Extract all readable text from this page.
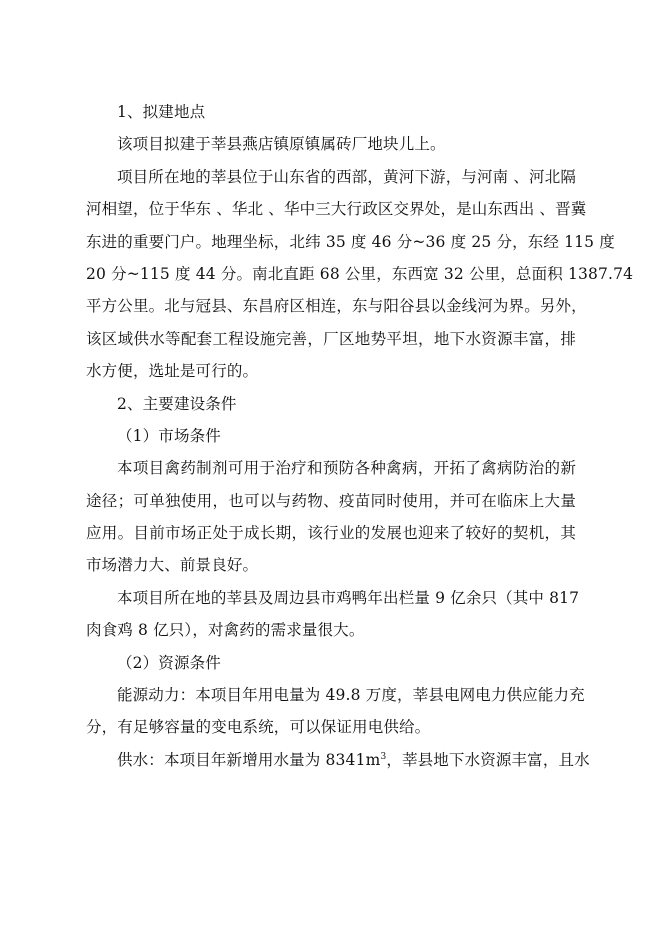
1、拟建地点
该项目拟建于莘县燕店镇原镇属砖厂地块儿上。
项目所在地的莘县位于山东省的西部，黄河下游，与河南 、河北隔
河相望，位于华东 、华北 、华中三大行政区交界处，是山东西出 、晋冀
东进的重要门户。地理坐标，北纬 35 度 46 分~36 度 25 分，东经 115 度
20 分~115 度 44 分。南北直距 68 公里，东西宽 32 公里，总面积 1387.74
平方公里。北与冠县、东昌府区相连，东与阳谷县以金线河为界。另外，
该区域供水等配套工程设施完善，厂区地势平坦，地下水资源丰富，排
水方便，选址是可行的。
2、主要建设条件
（1）市场条件
本项目禽药制剂可用于治疗和预防各种禽病，开拓了禽病防治的新
途径；可单独使用，也可以与药物、疫苗同时使用，并可在临床上大量
应用。目前市场正处于成长期，该行业的发展也迎来了较好的契机，其
市场潜力大、前景良好。
本项目所在地的莘县及周边县市鸡鸭年出栏量 9 亿余只（其中 817
肉食鸡 8 亿只），对禽药的需求量很大。
（2）资源条件
能源动力：本项目年用电量为 49.8 万度，莘县电网电力供应能力充
分，有足够容量的变电系统，可以保证用电供给。
供水：本项目年新增用水量为 $8341m^3$，莘县地下水资源丰富，且水
